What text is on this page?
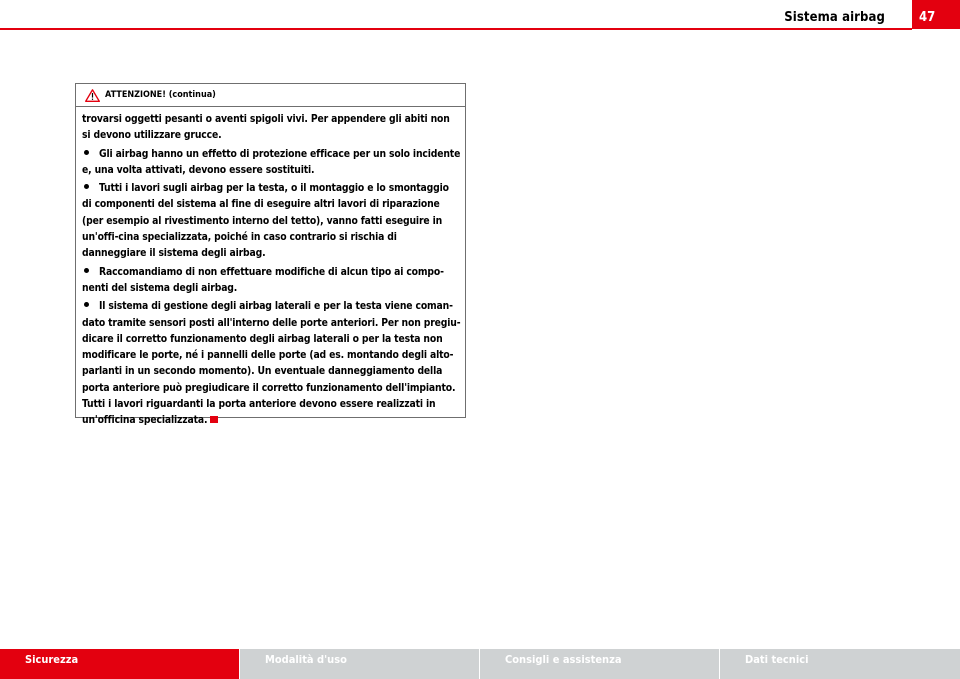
Sistema airbag	47
ATTENZIONE! (continua)

trovarsi oggetti pesanti o aventi spigoli vivi. Per appendere gli abiti non si devono utilizzare grucce.

Gli airbag hanno un effetto di protezione efficace per un solo incidente e, una volta attivati, devono essere sostituiti.

Tutti i lavori sugli airbag per la testa, o il montaggio e lo smontaggio di componenti del sistema al fine di eseguire altri lavori di riparazione (per esempio al rivestimento interno del tetto), vanno fatti eseguire in un'offi-cina specializzata, poiché in caso contrario si rischia di danneggiare il sistema degli airbag.

Raccomandiamo di non effettuare modifiche di alcun tipo ai compo-nenti del sistema degli airbag.

Il sistema di gestione degli airbag laterali e per la testa viene coman-dato tramite sensori posti all'interno delle porte anteriori. Per non pregiu-dicare il corretto funzionamento degli airbag laterali o per la testa non modificare le porte, né i pannelli delle porte (ad es. montando degli alto-parlanti in un secondo momento). Un eventuale danneggiamento della porta anteriore può pregiudicare il corretto funzionamento dell'impianto. Tutti i lavori riguardanti la porta anteriore devono essere realizzati in un'officina specializzata.

Sicurezza	Modalità d'uso	Consigli e assistenza	Dati tecnici
